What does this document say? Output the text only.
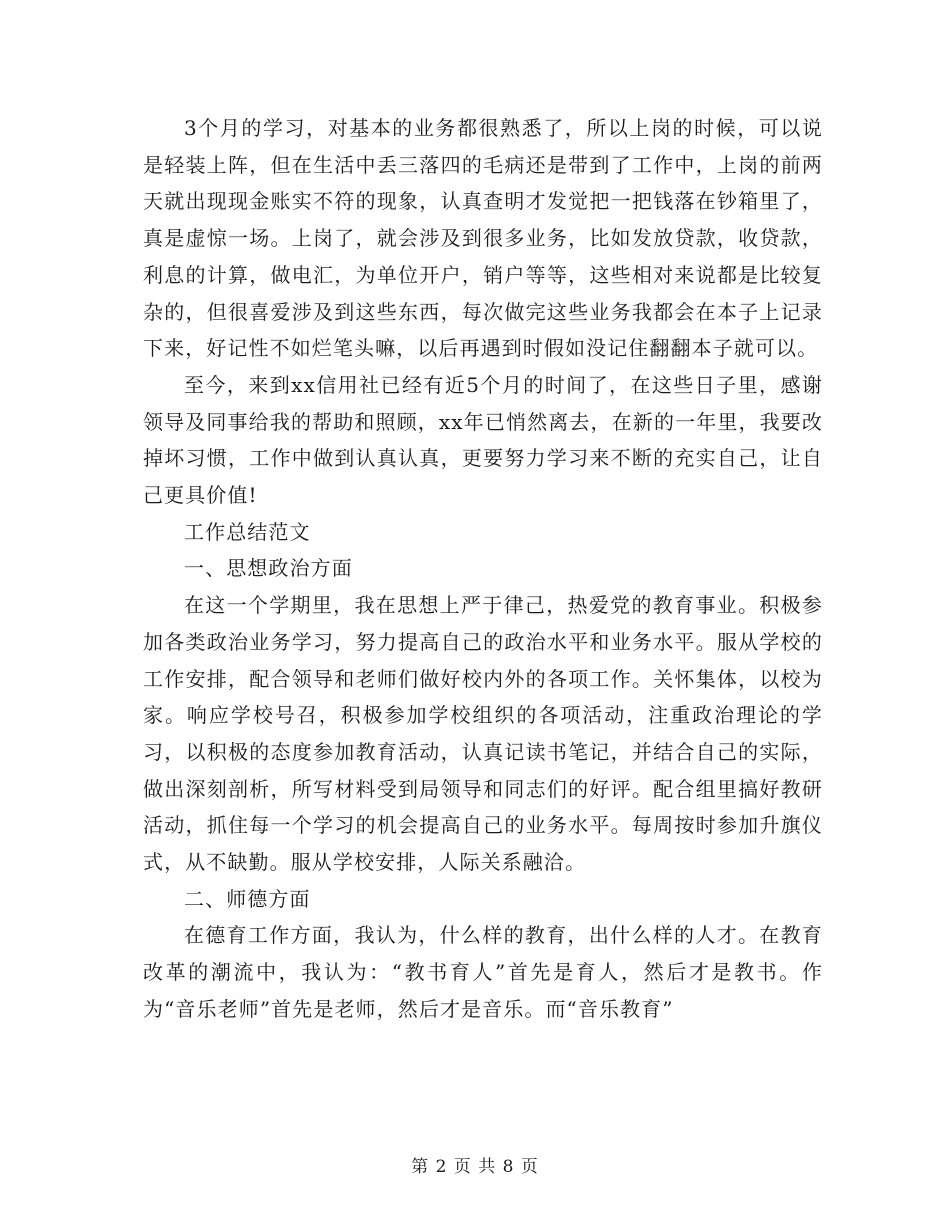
3个月的学习，对基本的业务都很熟悉了，所以上岗的时候，可以说是轻装上阵，但在生活中丢三落四的毛病还是带到了工作中，上岗的前两天就出现现金账实不符的现象，认真查明才发觉把一把钱落在钞箱里了，真是虚惊一场。上岗了，就会涉及到很多业务，比如发放贷款，收贷款，利息的计算，做电汇，为单位开户，销户等等，这些相对来说都是比较复杂的，但很喜爱涉及到这些东西，每次做完这些业务我都会在本子上记录下来，好记性不如烂笔头嘛，以后再遇到时假如没记住翻翻本子就可以。

至今，来到xx信用社已经有近5个月的时间了，在这些日子里，感谢领导及同事给我的帮助和照顾，xx年已悄然离去，在新的一年里，我要改掉坏习惯，工作中做到认真认真，更要努力学习来不断的充实自己，让自己更具价值!

工作总结范文

一、思想政治方面

在这一个学期里，我在思想上严于律己，热爱党的教育事业。积极参加各类政治业务学习，努力提高自己的政治水平和业务水平。服从学校的工作安排，配合领导和老师们做好校内外的各项工作。关怀集体，以校为家。响应学校号召，积极参加学校组织的各项活动，注重政治理论的学习，以积极的态度参加教育活动，认真记读书笔记，并结合自己的实际，做出深刻剖析，所写材料受到局领导和同志们的好评。配合组里搞好教研活动，抓住每一个学习的机会提高自己的业务水平。每周按时参加升旗仪式，从不缺勤。服从学校安排，人际关系融洽。

二、师德方面

在德育工作方面，我认为，什么样的教育，出什么样的人才。在教育改革的潮流中，我认为：“教书育人”首先是育人，然后才是教书。作为“音乐老师”首先是老师，然后才是音乐。而“音乐教育”

第 2 页 共 8 页
